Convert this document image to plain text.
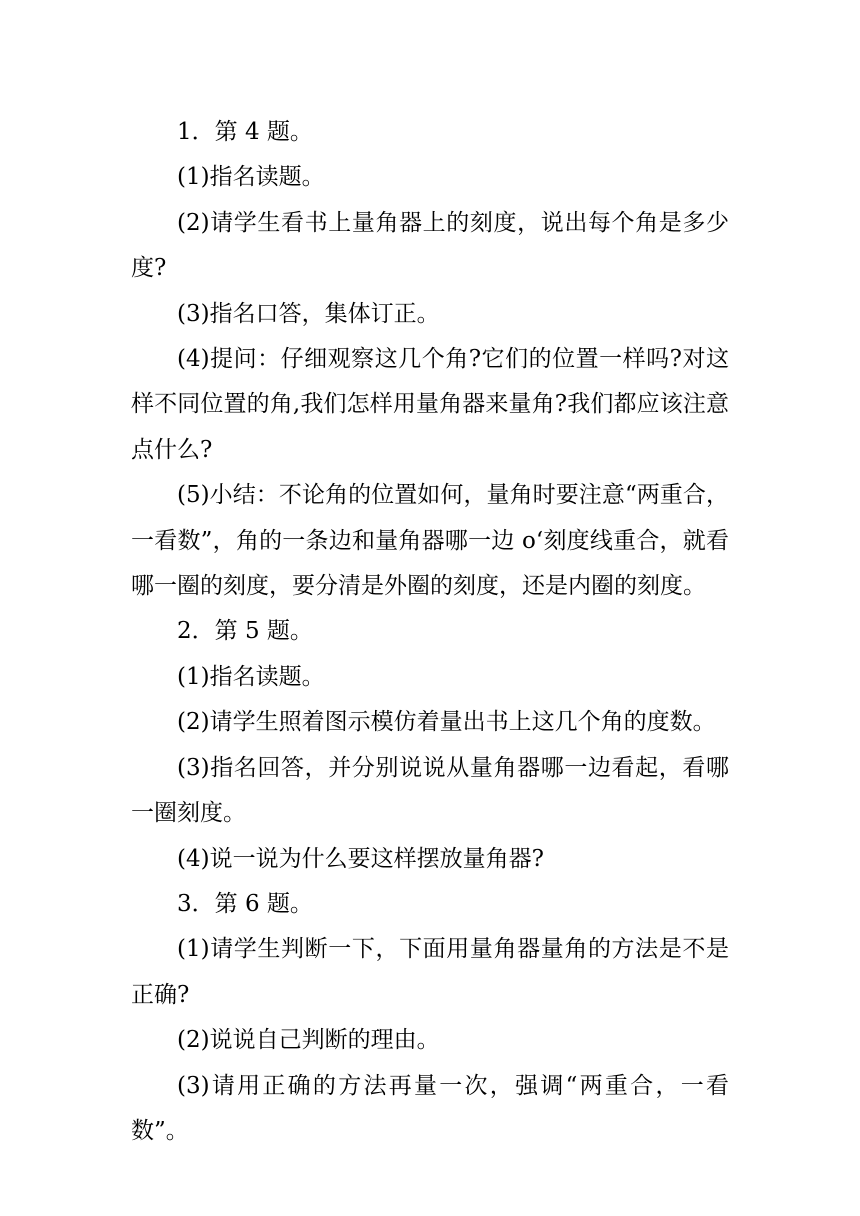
1．第 4 题。

(1)指名读题。

(2)请学生看书上量角器上的刻度，说出每个角是多少度?

(3)指名口答，集体订正。

(4)提问：仔细观察这几个角?它们的位置一样吗?对这样不同位置的角,我们怎样用量角器来量角?我们都应该注意点什么?

(5)小结：不论角的位置如何，量角时要注意“两重合，一看数”，角的一条边和量角器哪一边 o‘刻度线重合，就看哪一圈的刻度，要分清是外圈的刻度，还是内圈的刻度。

2．第 5 题。

(1)指名读题。

(2)请学生照着图示模仿着量出书上这几个角的度数。

(3)指名回答，并分别说说从量角器哪一边看起，看哪一圈刻度。

(4)说一说为什么要这样摆放量角器?

3．第 6 题。

(1)请学生判断一下，下面用量角器量角的方法是不是正确?

(2)说说自己判断的理由。

(3)请用正确的方法再量一次，强调“两重合，一看数”。
